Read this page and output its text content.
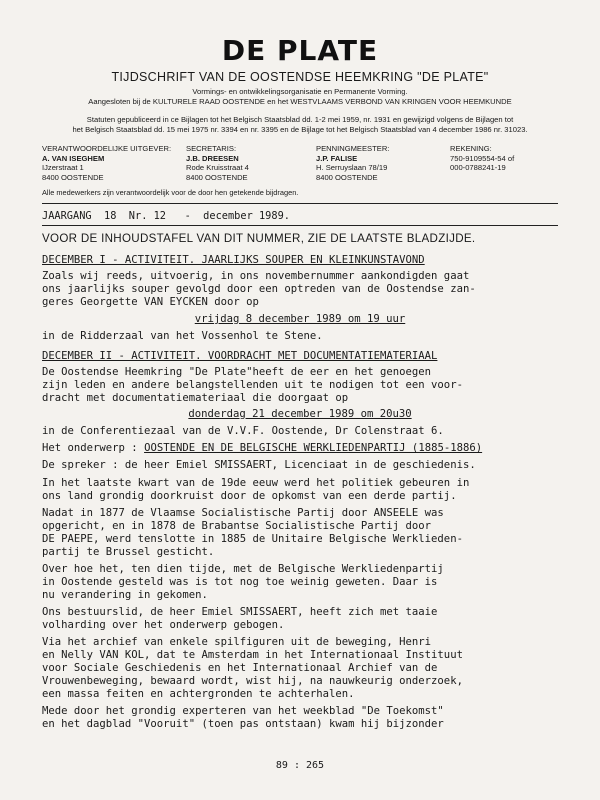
DE PLATE
TIJDSCHRIFT VAN DE OOSTENDSE HEEMKRING "DE PLATE"
Vormings- en ontwikkelingsorganisatie en Permanente Vorming.
Aangesloten bij de KULTURELE RAAD OOSTENDE en het WESTVLAAMS VERBOND VAN KRINGEN VOOR HEEMKUNDE
Statuten gepubliceerd in ce Bijlagen tot het Belgisch Staatsblad dd. 1-2 mei 1959, nr. 1931 en gewijzigd volgens de Bijlagen tot
het Belgisch Staatsblad dd. 15 mei 1975 nr. 3394 en nr. 3395 en de Bijlage tot het Belgisch Staatsblad van 4 december 1986 nr. 31023.
VERANTWOORDELIJKE UITGEVER:
A. VAN ISEGHEM
IJzerstraat 1
8400 OOSTENDE
SECRETARIS:
J.B. DREESEN
Rode Kruisstraat 4
8400 OOSTENDE
PENNINGMEESTER:
J.P. FALISE
H. Serruyslaan 78/19
8400 OOSTENDE
REKENING:
750-9109554-54 of
000-0788241-19
Alle medewerkers zijn verantwoordelijk voor de door hen getekende bijdragen.
JAARGANG  18  Nr. 12   -  december 1989.
VOOR DE INHOUDSTAFEL VAN DIT NUMMER, ZIE DE LAATSTE BLADZIJDE.
DECEMBER I - ACTIVITEIT. JAARLIJKS SOUPER EN KLEINKUNSTAVOND
Zoals wij reeds, uitvoerig, in ons novembernummer aankondigden gaat
ons jaarlijks souper gevolgd door een optreden van de Oostendse zan-
geres Georgette VAN EYCKEN door op
vrijdag 8 december 1989 om 19 uur
in de Ridderzaal van het Vossenhol te Stene.
DECEMBER II - ACTIVITEIT. VOORDRACHT MET DOCUMENTATIEMATERIAAL
De Oostendse Heemkring "De Plate"heeft de eer en het genoegen
zijn leden en andere belangstellenden uit te nodigen tot een voor-
dracht met documentatiemateriaal die doorgaat op
donderdag 21 december 1989 om 20u30
in de Conferentiezaal van de V.V.F. Oostende, Dr Colenstraat 6.
Het onderwerp : OOSTENDE EN DE BELGISCHE WERKLIEDENPARTIJ (1885-1886)
De spreker : de heer Emiel SMISSAERT, Licenciaat in de geschiedenis.
In het laatste kwart van de 19de eeuw werd het politiek gebeuren in
ons land grondig doorkruist door de opkomst van een derde partij.
Nadat in 1877 de Vlaamse Socialistische Partij door ANSEELE was
opgericht, en in 1878 de Brabantse Socialistische Partij door
DE PAEPE, werd tenslotte in 1885 de Unitaire Belgische Werklieden-
partij te Brussel gesticht.
Over hoe het, ten dien tijde, met de Belgische Werkliedenpartij
in Oostende gesteld was is tot nog toe weinig geweten. Daar is
nu verandering in gekomen.
Ons bestuurslid, de heer Emiel SMISSAERT, heeft zich met taaie
volharding over het onderwerp gebogen.
Via het archief van enkele spilfiguren uit de beweging, Henri
en Nelly VAN KOL, dat te Amsterdam in het Internationaal Instituut
voor Sociale Geschiedenis en het Internationaal Archief van de
Vrouwenbeweging, bewaard wordt, wist hij, na nauwkeurig onderzoek,
een massa feiten en achtergronden te achterhalen.
Mede door het grondig experteren van het weekblad "De Toekomst"
en het dagblad "Vooruit" (toen pas ontstaan) kwam hij bijzonder
89 : 265
